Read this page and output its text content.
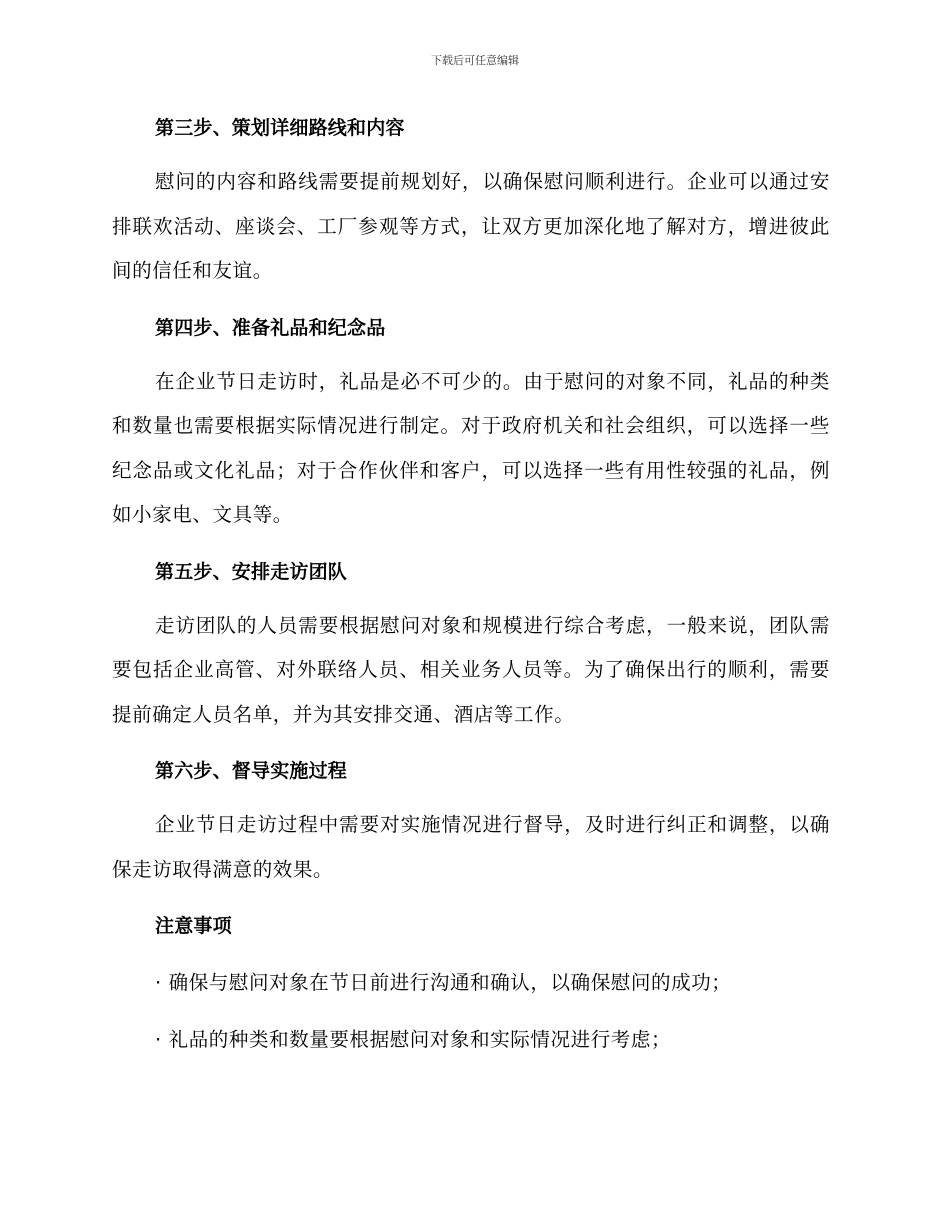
下载后可任意编辑
第三步、策划详细路线和内容

慰问的内容和路线需要提前规划好，以确保慰问顺利进行。企业可以通过安排联欢活动、座谈会、工厂参观等方式，让双方更加深化地了解对方，增进彼此间的信任和友谊。

第四步、准备礼品和纪念品

在企业节日走访时，礼品是必不可少的。由于慰问的对象不同，礼品的种类和数量也需要根据实际情况进行制定。对于政府机关和社会组织，可以选择一些纪念品或文化礼品；对于合作伙伴和客户，可以选择一些有用性较强的礼品，例如小家电、文具等。

第五步、安排走访团队

走访团队的人员需要根据慰问对象和规模进行综合考虑，一般来说，团队需要包括企业高管、对外联络人员、相关业务人员等。为了确保出行的顺利，需要提前确定人员名单，并为其安排交通、酒店等工作。

第六步、督导实施过程

企业节日走访过程中需要对实施情况进行督导，及时进行纠正和调整，以确保走访取得满意的效果。

注意事项

· 确保与慰问对象在节日前进行沟通和确认，以确保慰问的成功；

· 礼品的种类和数量要根据慰问对象和实际情况进行考虑；
